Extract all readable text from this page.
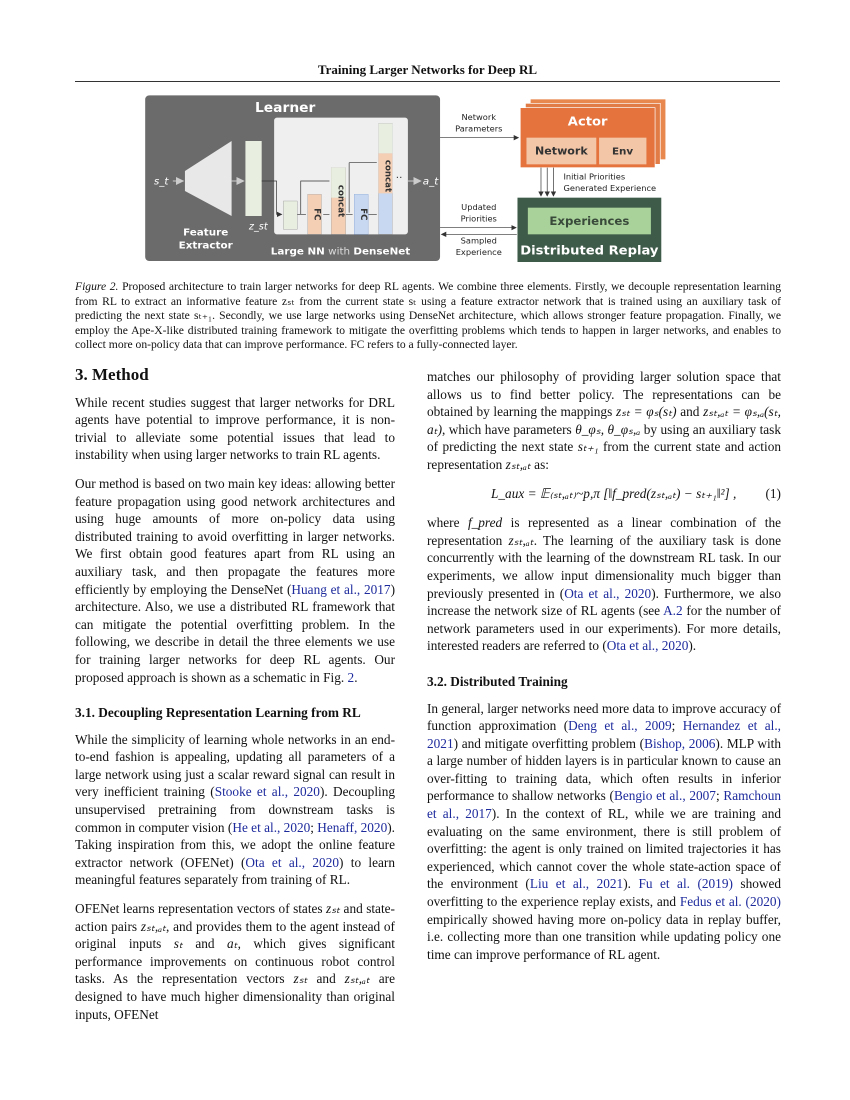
Training Larger Networks for Deep RL
Learner
s_t
z_st
Feature
Extractor
FC concat FC
concat ·· a_t
Large NN with DenseNet
Network
Parameters
Updated
Priorities
Sampled
Experience
Actor
Network Env
Initial Priorities
Generated Experience
Experiences
Distributed Replay
Figure 2. Proposed architecture to train larger networks for deep RL agents. We combine three elements. Firstly, we decouple representation learning from RL to extract an informative feature zₛₜ from the current state sₜ using a feature extractor network that is trained using an auxiliary task of predicting the next state sₜ₊₁. Secondly, we use large networks using DenseNet architecture, which allows stronger feature propagation. Finally, we employ the Ape-X-like distributed training framework to mitigate the overfitting problems which tends to happen in larger networks, and enables to collect more on-policy data that can improve performance. FC refers to a fully-connected layer.
3. Method

While recent studies suggest that larger networks for DRL agents have potential to improve performance, it is non-trivial to alleviate some potential issues that lead to instability when using larger networks to train RL agents.

Our method is based on two main key ideas: allowing better feature propagation using good network architectures and using huge amounts of more on-policy data using distributed training to avoid overfitting in larger networks. We first obtain good features apart from RL using an auxiliary task, and then propagate the features more efficiently by employing the DenseNet (Huang et al., 2017) architecture. Also, we use a distributed RL framework that can mitigate the potential overfitting problem. In the following, we describe in detail the three elements we use for training larger networks for deep RL agents. Our proposed approach is shown as a schematic in Fig. 2.

3.1. Decoupling Representation Learning from RL

While the simplicity of learning whole networks in an end-to-end fashion is appealing, updating all parameters of a large network using just a scalar reward signal can result in very inefficient training (Stooke et al., 2020). Decoupling unsupervised pretraining from downstream tasks is common in computer vision (He et al., 2020; Henaff, 2020). Taking inspiration from this, we adopt the online feature extractor network (OFENet) (Ota et al., 2020) to learn meaningful features separately from training of RL.

OFENet learns representation vectors of states zₛₜ and state-action pairs zₛₜ,ₐₜ, and provides them to the agent instead of original inputs sₜ and aₜ, which gives significant performance improvements on continuous robot control tasks. As the representation vectors zₛₜ and zₛₜ,ₐₜ are designed to have much higher dimensionality than original inputs, OFENet

matches our philosophy of providing larger solution space that allows us to find better policy. The representations can be obtained by learning the mappings zₛₜ = φₛ(sₜ) and zₛₜ,ₐₜ = φₛ,ₐ(sₜ, aₜ), which have parameters θ_φₛ, θ_φₛ,ₐ by using an auxiliary task of predicting the next state sₜ₊₁ from the current state and action representation zₛₜ,ₐₜ as:

L_aux = 𝔼₍ₛₜ,ₐₜ₎~p,π [‖f_pred(zₛₜ,ₐₜ) − sₜ₊₁‖²] , (1)

where f_pred is represented as a linear combination of the representation zₛₜ,ₐₜ. The learning of the auxiliary task is done concurrently with the learning of the downstream RL task. In our experiments, we allow input dimensionality much bigger than previously presented in (Ota et al., 2020). Furthermore, we also increase the network size of RL agents (see A.2 for the number of network parameters used in our experiments). For more details, interested readers are referred to (Ota et al., 2020).

3.2. Distributed Training

In general, larger networks need more data to improve accuracy of function approximation (Deng et al., 2009; Hernandez et al., 2021) and mitigate overfitting problem (Bishop, 2006). MLP with a large number of hidden layers is in particular known to cause an over-fitting to training data, which often results in inferior performance to shallow networks (Bengio et al., 2007; Ramchoun et al., 2017). In the context of RL, while we are training and evaluating on the same environment, there is still problem of overfitting: the agent is only trained on limited trajectories it has experienced, which cannot cover the whole state-action space of the environment (Liu et al., 2021). Fu et al. (2019) showed overfitting to the experience replay exists, and Fedus et al. (2020) empirically showed having more on-policy data in replay buffer, i.e. collecting more than one transition while updating policy one time can improve performance of RL agent.
